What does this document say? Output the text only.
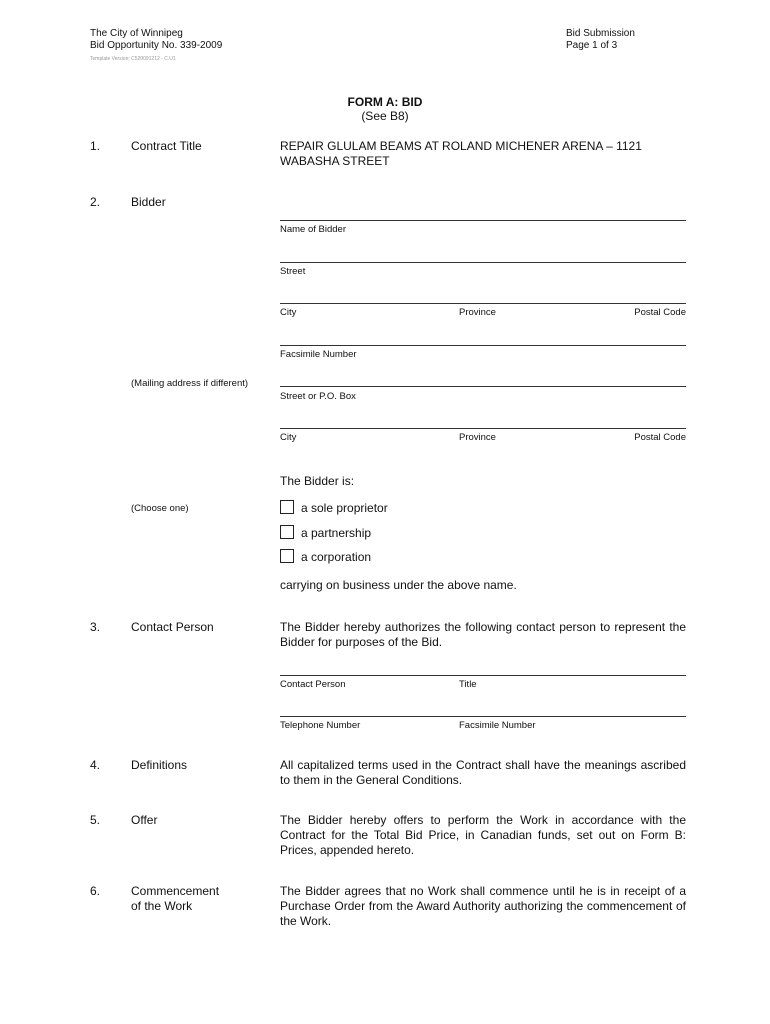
The City of Winnipeg
Bid Opportunity No. 339-2009
Template Version: C520091212 - C.U1
Bid Submission
Page 1 of 3
FORM A: BID
(See B8)
1.	Contract Title	REPAIR GLULAM BEAMS AT ROLAND MICHENER ARENA – 1121
WABASHA STREET
2.	Bidder
Name of Bidder
Street
City	Province	Postal Code
Facsimile Number
(Mailing address if different)
Street or P.O. Box
City	Province	Postal Code
The Bidder is:
(Choose one)	a sole proprietor
a partnership
a corporation
carrying on business under the above name.
3.	Contact Person	The Bidder hereby authorizes the following contact person to represent the Bidder for purposes of the Bid.
Contact Person	Title
Telephone Number	Facsimile Number
4.	Definitions	All capitalized terms used in the Contract shall have the meanings ascribed to them in the General Conditions.
5.	Offer	The Bidder hereby offers to perform the Work in accordance with the Contract for the Total Bid Price, in Canadian funds, set out on Form B: Prices, appended hereto.
6.	Commencement
of the Work
The Bidder agrees that no Work shall commence until he is in receipt of a Purchase Order from the Award Authority authorizing the commencement of the Work.
